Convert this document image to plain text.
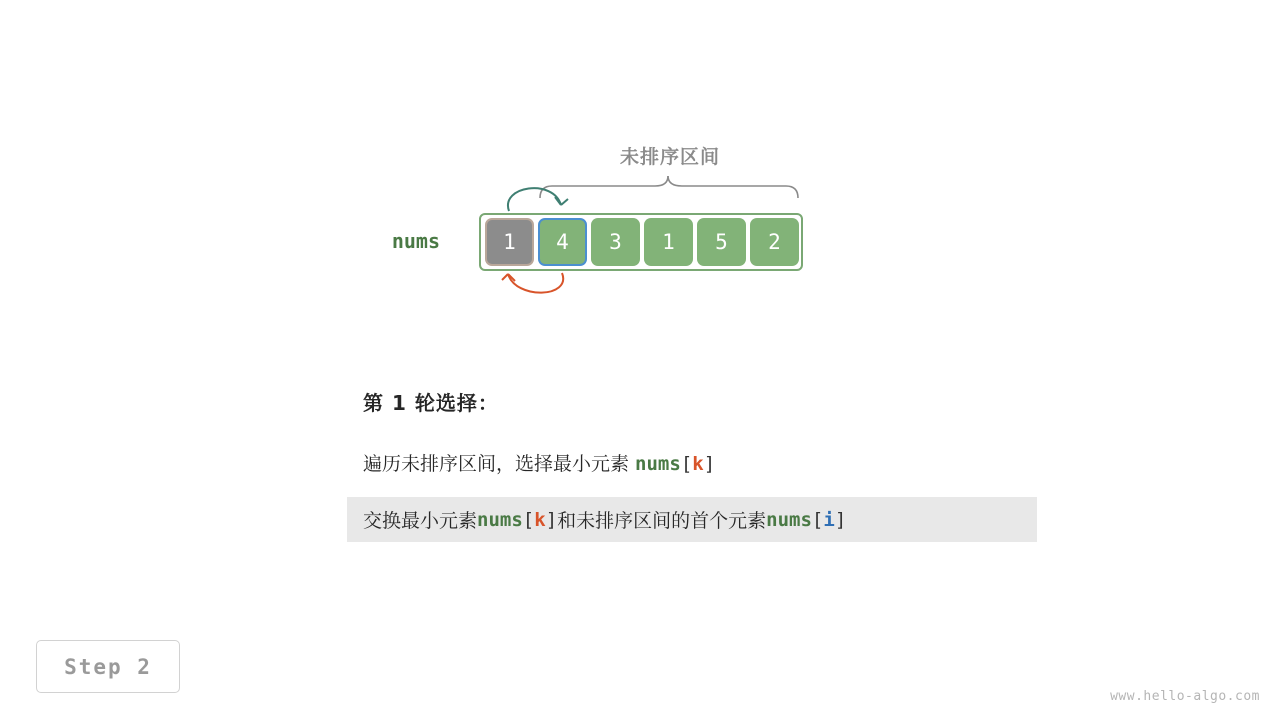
未排序区间
nums	1	4	3	1	5	2
第 1 轮选择：
遍历未排序区间，选择最小元素 nums[k]
交换最小元素 nums [ k ] 和未排序区间的首个元素 nums [ i ]
Step 2
www.hello-algo.com
